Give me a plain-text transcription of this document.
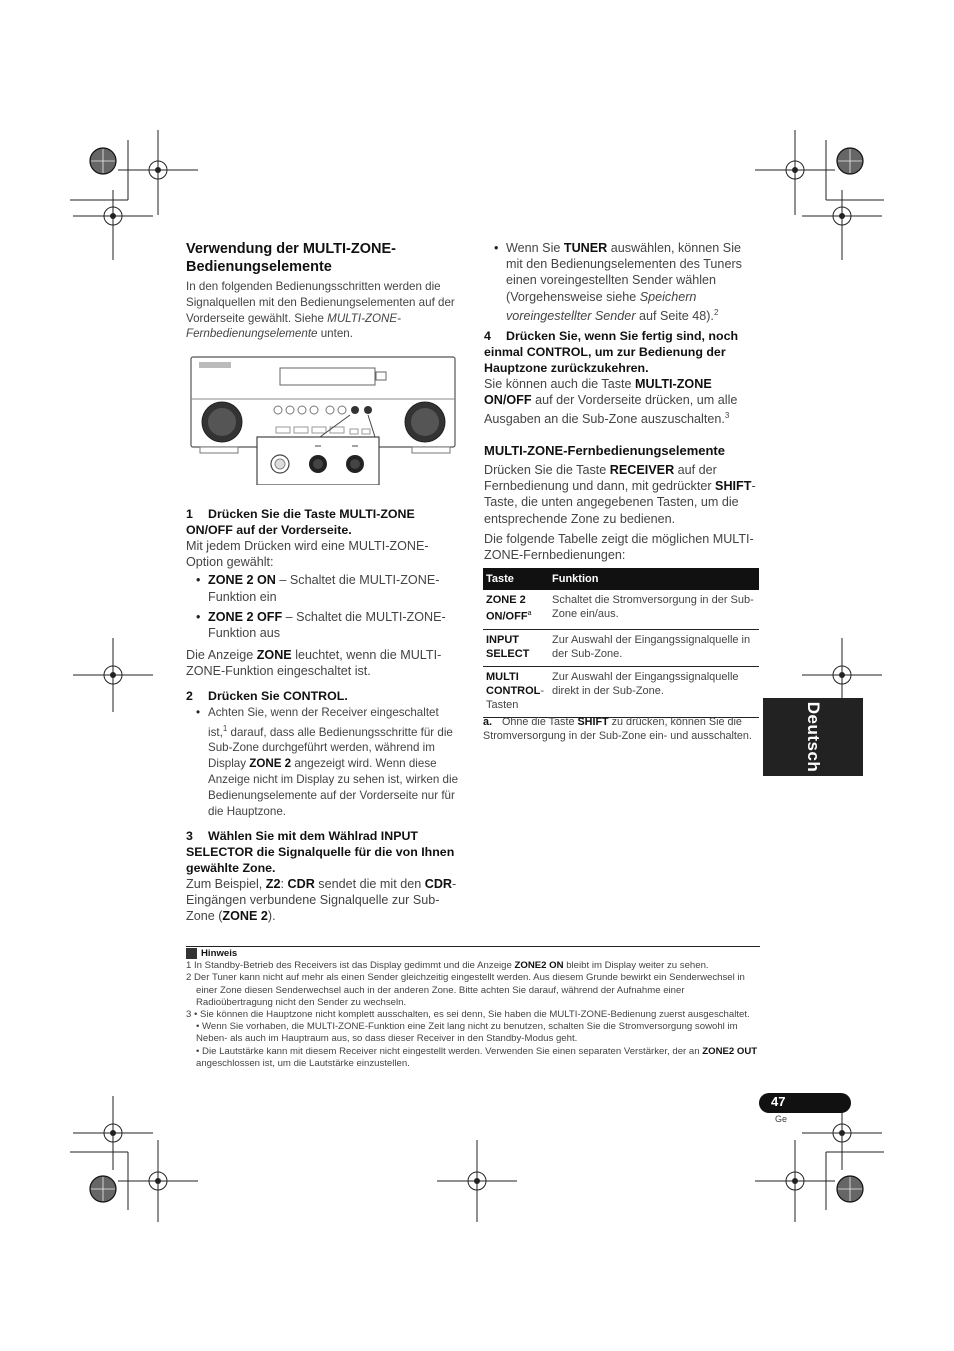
Verwendung der MULTI-ZONE-Bedienungselemente
In den folgenden Bedienungsschritten werden die Signalquellen mit den Bedienungselementen auf der Vorderseite gewählt. Siehe MULTI-ZONE-Fernbedienungselemente unten.
1 Drücken Sie die Taste MULTI-ZONE ON/OFF auf der Vorderseite.
Mit jedem Drücken wird eine MULTI-ZONE-Option gewählt:
• ZONE 2 ON – Schaltet die MULTI-ZONE-Funktion ein
• ZONE 2 OFF – Schaltet die MULTI-ZONE-Funktion aus
Die Anzeige ZONE leuchtet, wenn die MULTI-ZONE-Funktion eingeschaltet ist.
2 Drücken Sie CONTROL.
• Achten Sie, wenn der Receiver eingeschaltet ist,$^1$ darauf, dass alle Bedienungsschritte für die Sub-Zone durchgeführt werden, während im Display ZONE 2 angezeigt wird. Wenn diese Anzeige nicht im Display zu sehen ist, wirken die Bedienungselemente auf der Vorderseite nur für die Hauptzone.
3 Wählen Sie mit dem Wählrad INPUT SELECTOR die Signalquelle für die von Ihnen gewählte Zone.
Zum Beispiel, Z2: CDR sendet die mit den CDR-Eingängen verbundene Signalquelle zur Sub-Zone (ZONE 2).
• Wenn Sie TUNER auswählen, können Sie mit den Bedienungselementen des Tuners einen voreingestellten Sender wählen (Vorgehensweise siehe Speichern voreingestellter Sender auf Seite 48).$^2$
4 Drücken Sie, wenn Sie fertig sind, noch einmal CONTROL, um zur Bedienung der Hauptzone zurückzukehren.
Sie können auch die Taste MULTI-ZONE ON/OFF auf der Vorderseite drücken, um alle Ausgaben an die Sub-Zone auszuschalten.$^3$
MULTI-ZONE-Fernbedienungselemente
Drücken Sie die Taste RECEIVER auf der Fernbedienung und dann, mit gedrückter SHIFT-Taste, die unten angegebenen Tasten, um die entsprechende Zone zu bedienen.
Die folgende Tabelle zeigt die möglichen MULTI-ZONE-Fernbedienungen:
Taste	Funktion
ZONE 2 ON/OFF$^a$	Schaltet die Stromversorgung in der Sub-Zone ein/aus.
INPUT SELECT	Zur Auswahl der Eingangssignalquelle in der Sub-Zone.
MULTI CONTROL-Tasten	Zur Auswahl der Eingangssignalquelle direkt in der Sub-Zone.
a. Ohne die Taste SHIFT zu drücken, können Sie die Stromversorgung in der Sub-Zone ein- und ausschalten.	Deutsch

Hinweis

1 In Standby-Betrieb des Receivers ist das Display gedimmt und die Anzeige ZONE2 ON bleibt im Display weiter zu sehen.

2 Der Tuner kann nicht auf mehr als einen Sender gleichzeitig eingestellt werden. Aus diesem Grunde bewirkt ein Senderwechsel in einer Zone diesen Senderwechsel auch in der anderen Zone. Bitte achten Sie darauf, während der Aufnahme einer Radioübertragung nicht den Sender zu wechseln.

3 • Sie können die Hauptzone nicht komplett ausschalten, es sei denn, Sie haben die MULTI-ZONE-Bedienung zuerst ausgeschaltet.

• Wenn Sie vorhaben, die MULTI-ZONE-Funktion eine Zeit lang nicht zu benutzen, schalten Sie die Stromversorgung sowohl im Neben- als auch im Hauptraum aus, so dass dieser Receiver in den Standby-Modus geht.

• Die Lautstärke kann mit diesem Receiver nicht eingestellt werden. Verwenden Sie einen separaten Verstärker, der an ZONE2 OUT angeschlossen ist, um die Lautstärke einzustellen.

47
Ge
